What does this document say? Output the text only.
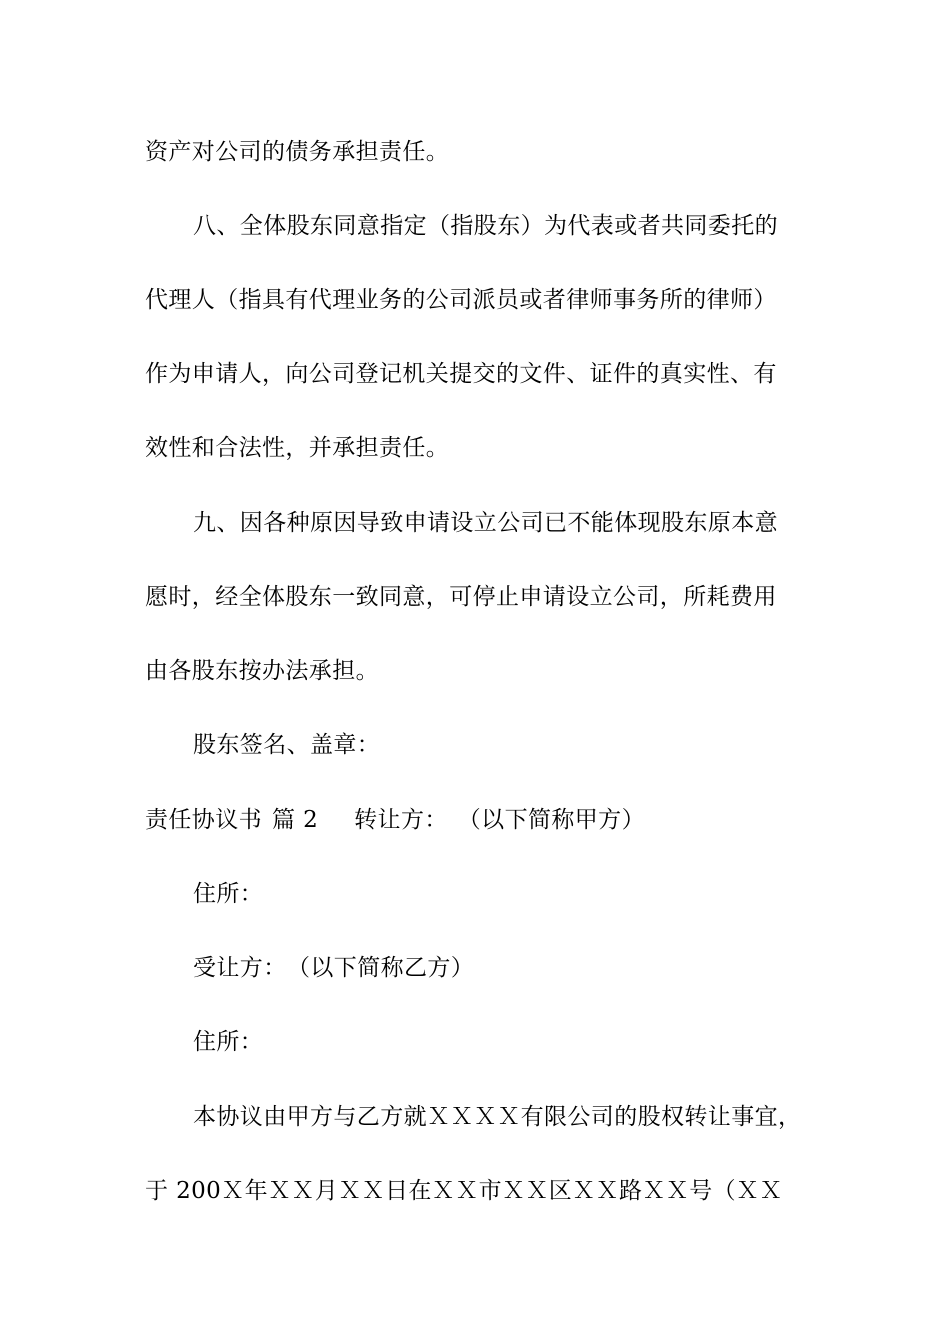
资产对公司的债务承担责任。
八、全体股东同意指定（指股东）为代表或者共同委托的
代理人（指具有代理业务的公司派员或者律师事务所的律师）
作为申请人，向公司登记机关提交的文件、证件的真实性、有
效性和合法性，并承担责任。
九、因各种原因导致申请设立公司已不能体现股东原本意
愿时，经全体股东一致同意，可停止申请设立公司，所耗费用
由各股东按办法承担。
股东签名、盖章：
责任协议书 篇 2 转让方： （以下简称甲方）
住所：
受让方：　（以下简称乙方）
住所：
本协议由甲方与乙方就ＸＸＸＸ有限公司的股权转让事宜，
于 200Ｘ年ＸＸ月ＸＸ日在ＸＸ市ＸＸ区ＸＸ路ＸＸ号（ＸＸ
